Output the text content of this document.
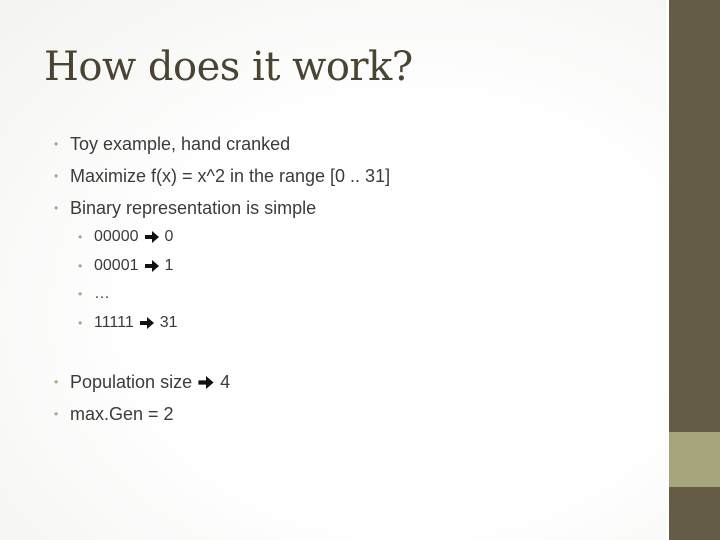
How does it work?
• Toy example, hand cranked
• Maximize f(x) = x^2 in the range [0 .. 31]
• Binary representation is simple
• 00000 0
• 00001 1
• …
• 11111 31
• Population size 4
• max.Gen = 2
